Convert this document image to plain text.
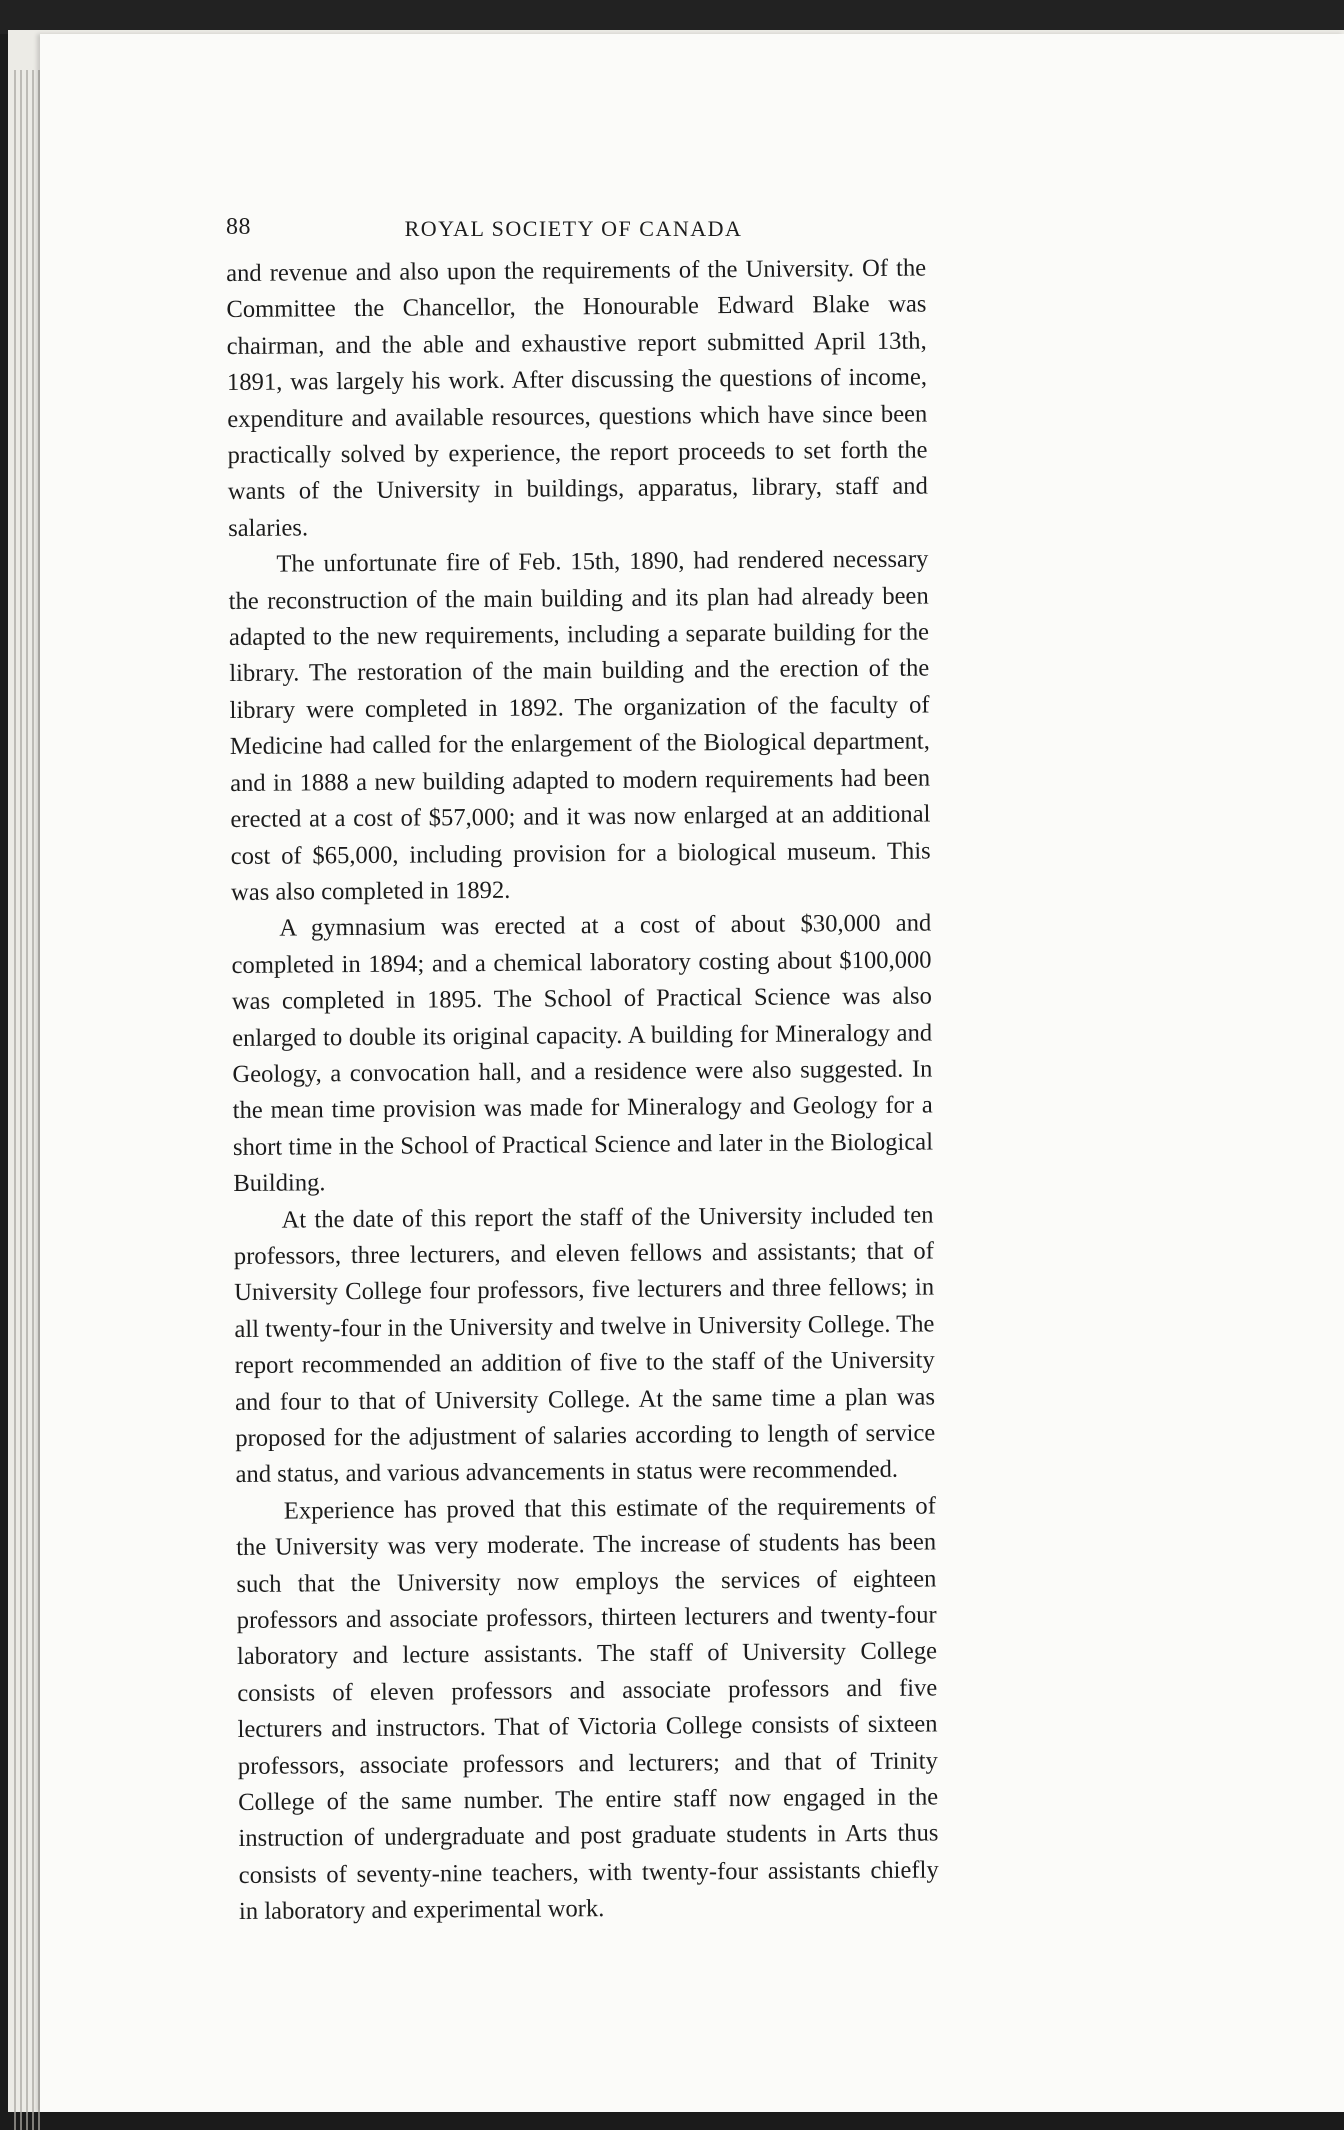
88	ROYAL SOCIETY OF CANADA

and revenue and also upon the requirements of the University. Of the Committee the Chancellor, the Honourable Edward Blake was chairman, and the able and exhaustive report submitted April 13th, 1891, was largely his work. After discussing the questions of income, expenditure and available resources, questions which have since been practically solved by experience, the report proceeds to set forth the wants of the University in buildings, apparatus, library, staff and salaries.

The unfortunate fire of Feb. 15th, 1890, had rendered necessary the reconstruction of the main building and its plan had already been adapted to the new requirements, including a separate building for the library. The restoration of the main building and the erection of the library were completed in 1892. The organization of the faculty of Medicine had called for the enlargement of the Biological department, and in 1888 a new building adapted to modern requirements had been erected at a cost of $57,000; and it was now enlarged at an additional cost of $65,000, including provision for a biological museum. This was also completed in 1892.

A gymnasium was erected at a cost of about $30,000 and completed in 1894; and a chemical laboratory costing about $100,000 was completed in 1895. The School of Practical Science was also enlarged to double its original capacity. A building for Mineralogy and Geology, a convocation hall, and a residence were also suggested. In the mean time provision was made for Mineralogy and Geology for a short time in the School of Practical Science and later in the Biological Building.

At the date of this report the staff of the University included ten professors, three lecturers, and eleven fellows and assistants; that of University College four professors, five lecturers and three fellows; in all twenty-four in the University and twelve in University College. The report recommended an addition of five to the staff of the University and four to that of University College. At the same time a plan was proposed for the adjustment of salaries according to length of service and status, and various advancements in status were recommended.

Experience has proved that this estimate of the requirements of the University was very moderate. The increase of students has been such that the University now employs the services of eighteen professors and associate professors, thirteen lecturers and twenty-four laboratory and lecture assistants. The staff of University College consists of eleven professors and associate professors and five lecturers and instructors. That of Victoria College consists of sixteen professors, associate professors and lecturers; and that of Trinity College of the same number. The entire staff now engaged in the instruction of undergraduate and post graduate students in Arts thus consists of seventy-nine teachers, with twenty-four assistants chiefly in laboratory and experimental work.
